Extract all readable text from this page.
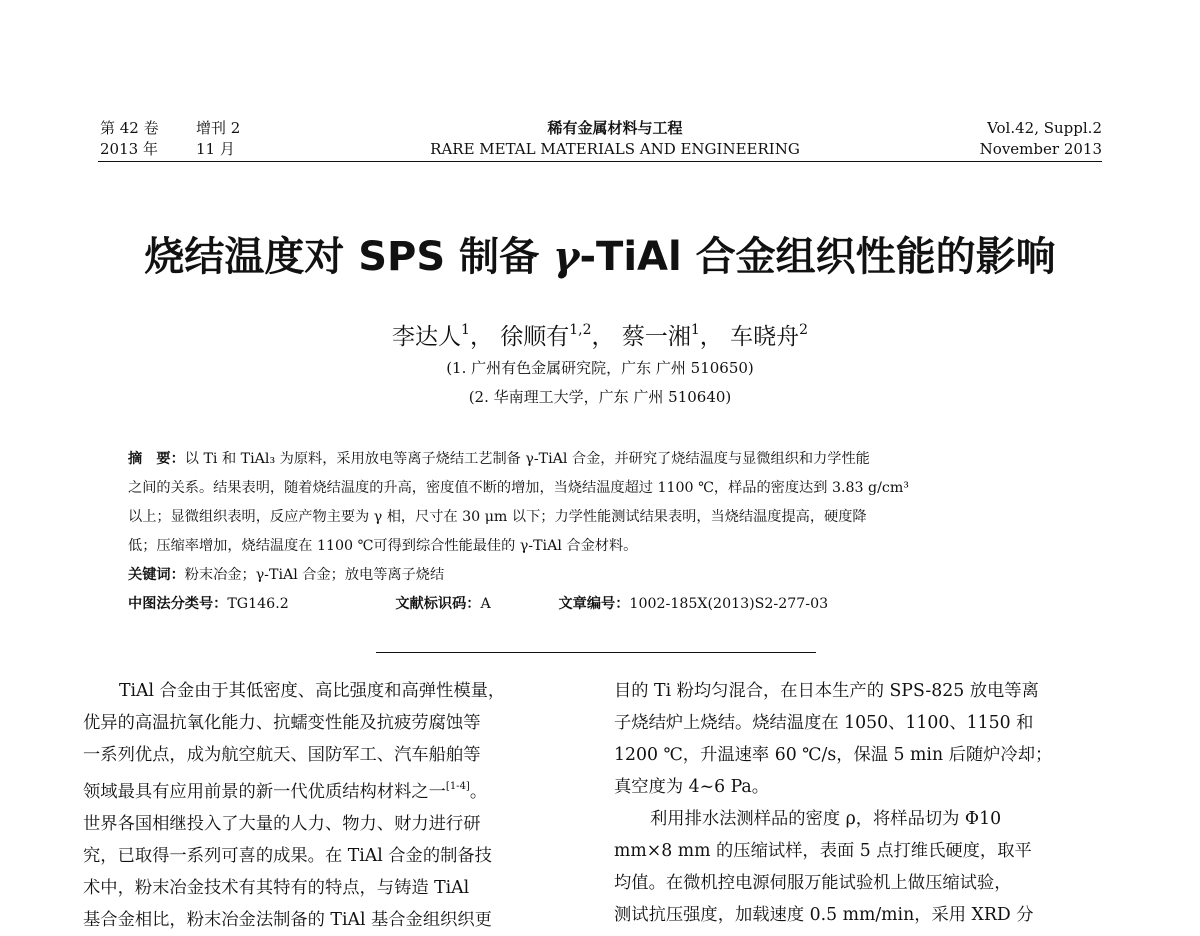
第 42 卷 增刊 2
2013 年	11 月
稀有金属材料与工程
RARE METAL MATERIALS AND ENGINEERING
Vol.42, Suppl.2
November 2013
烧结温度对 SPS 制备 γ-TiAl 合金组织性能的影响
李达人$^1$， 徐顺有$^{1,2}$， 蔡一湘$^1$， 车晓舟$^2$
(1. 广州有色金属研究院，广东 广州 510650)
(2. 华南理工大学，广东 广州 510640)
摘　要：以 Ti 和 TiAl₃ 为原料，采用放电等离子烧结工艺制备 γ-TiAl 合金，并研究了烧结温度与显微组织和力学性能
之间的关系。结果表明，随着烧结温度的升高，密度值不断的增加，当烧结温度超过 1100 ℃，样品的密度达到 3.83 g/cm³
以上；显微组织表明，反应产物主要为 γ 相，尺寸在 30 μm 以下；力学性能测试结果表明，当烧结温度提高，硬度降
低；压缩率增加，烧结温度在 1100 ℃可得到综合性能最佳的 γ-TiAl 合金材料。
关键词：粉末冶金；γ-TiAl 合金；放电等离子烧结
中图法分类号：TG146.2	文献标识码：A	文章编号：1002-185X(2013)S2-277-03
TiAl 合金由于其低密度、高比强度和高弹性模量，
优异的高温抗氧化能力、抗蠕变性能及抗疲劳腐蚀等
一系列优点，成为航空航天、国防军工、汽车船舶等
领域最具有应用前景的新一代优质结构材料之一[1-4]。
世界各国相继投入了大量的人力、物力、财力进行研
究，已取得一系列可喜的成果。在 TiAl 合金的制备技
术中，粉末冶金技术有其特有的特点，与铸造 TiAl
基合金相比，粉末冶金法制备的 TiAl 基合金组织织更
目的 Ti 粉均匀混合，在日本生产的 SPS-825 放电等离
子烧结炉上烧结。烧结温度在 1050、1100、1150 和
1200 ℃，升温速率 60 ℃/s，保温 5 min 后随炉冷却；
真空度为 4~6 Pa。
利用排水法测样品的密度 ρ，将样品切为 Φ10
mm×8 mm 的压缩试样，表面 5 点打维氏硬度，取平
均值。在微机控电源伺服万能试验机上做压缩试验，
测试抗压强度，加载速度 0.5 mm/min，采用 XRD 分
